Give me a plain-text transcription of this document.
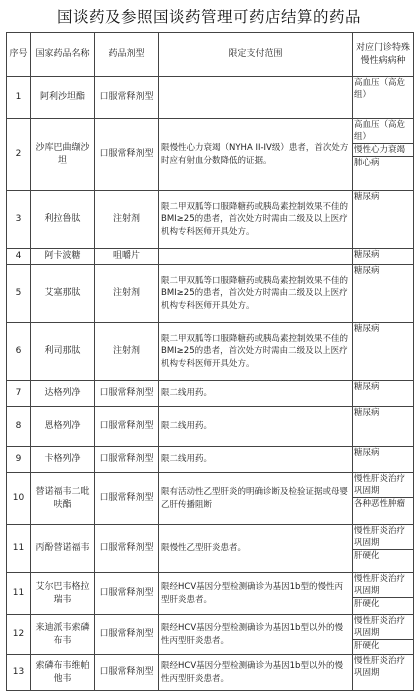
国谈药及参照国谈药管理可药店结算的药品
序号	国家药品名称	药品剂型	限定支付范围	对应门诊特殊慢性病病种
1	阿利沙坦酯	口服常释剂型		高血压（高危组）

2	沙库巴曲缬沙坦	口服常释剂型	限慢性心力衰竭（NYHA II-IV级）患者，首次处方时应有射血分数降低的证据。	高血压（高危组）
慢性心力衰竭
肺心病

3	利拉鲁肽	注射剂	限二甲双胍等口服降糖药或胰岛素控制效果不佳的BMI≥25的患者，首次处方时需由二级及以上医疗机构专科医师开具处方。	糖尿病

4	阿卡波糖	咀嚼片		糖尿病

5	艾塞那肽	注射剂	限二甲双胍等口服降糖药或胰岛素控制效果不佳的BMI≥25的患者，首次处方时需由二级及以上医疗机构专科医师开具处方。	糖尿病

6	利司那肽	注射剂	限二甲双胍等口服降糖药或胰岛素控制效果不佳的BMI≥25的患者，首次处方时需由二级及以上医疗机构专科医师开具处方。	糖尿病

7	达格列净	口服常释剂型	限二线用药。	糖尿病

8	恩格列净	口服常释剂型	限二线用药。	糖尿病

9	卡格列净	口服常释剂型	限二线用药。	糖尿病

10	替诺福韦二吡呋酯	口服常释剂型	限有活动性乙型肝炎的明确诊断及检验证据或母婴乙肝传播阻断	慢性肝炎治疗巩固期
各种恶性肿瘤

11	丙酚替诺福韦	口服常释剂型	限慢性乙型肝炎患者。	慢性肝炎治疗巩固期
肝硬化

11	艾尔巴韦格拉瑞韦	口服常释剂型	限经HCV基因分型检测确诊为基因1b型的慢性丙型肝炎患者。	慢性肝炎治疗巩固期
肝硬化

12	来迪派韦索磷布韦	口服常释剂型	限经HCV基因分型检测确诊为基因1b型以外的慢性丙型肝炎患者。	慢性肝炎治疗巩固期
肝硬化

13	索磷布韦维帕他韦	口服常释剂型	限经HCV基因分型检测确诊为基因1b型以外的慢性丙型肝炎患者。	慢性肝炎治疗巩固期
